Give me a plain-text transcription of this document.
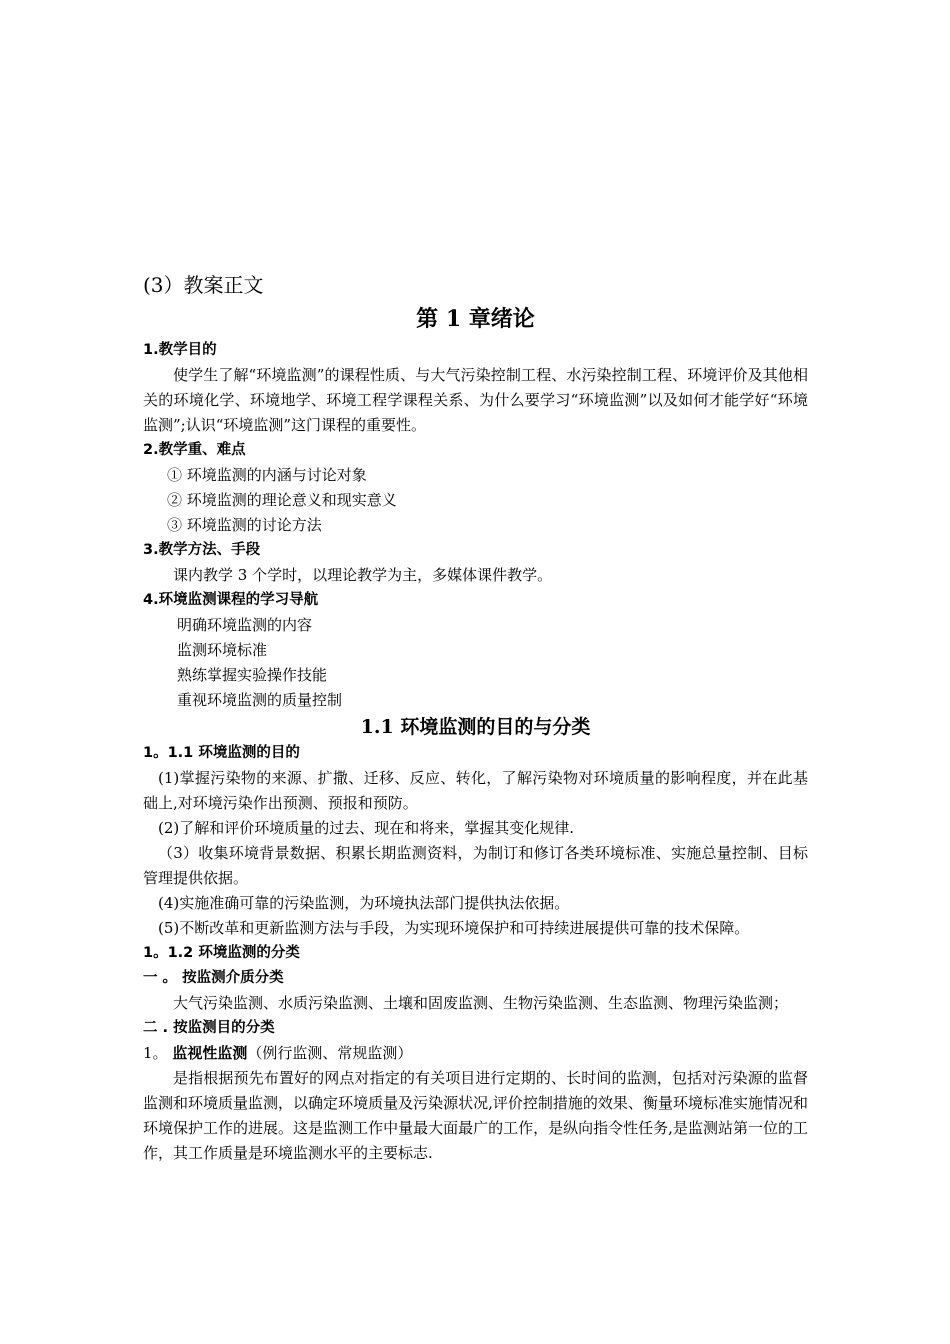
(3）教案正文
第 1 章绪论
1.教学目的

使学生了解“环境监测”的课程性质、与大气污染控制工程、水污染控制工程、环境评价及其他相关的环境化学、环境地学、环境工程学课程关系、为什么要学习“环境监测”以及如何才能学好“环境监测”;认识“环境监测”这门课程的重要性。

2.教学重、难点

① 环境监测的内涵与讨论对象

② 环境监测的理论意义和现实意义

③ 环境监测的讨论方法

3.教学方法、手段

课内教学 3 个学时，以理论教学为主，多媒体课件教学。

4.环境监测课程的学习导航

明确环境监测的内容

监测环境标准

熟练掌握实验操作技能

重视环境监测的质量控制

1.1 环境监测的目的与分类
1。1.1 环境监测的目的

(1)掌握污染物的来源、扩撒、迁移、反应、转化，了解污染物对环境质量的影响程度，并在此基础上,对环境污染作出预测、预报和预防。

(2)了解和评价环境质量的过去、现在和将来，掌握其变化规律.

（3）收集环境背景数据、积累长期监测资料，为制订和修订各类环境标准、实施总量控制、目标管理提供依据。

(4)实施准确可靠的污染监测，为环境执法部门提供执法依据。

(5)不断改革和更新监测方法与手段，为实现环境保护和可持续进展提供可靠的技术保障。

1。1.2 环境监测的分类
一 。 按监测介质分类

大气污染监测、水质污染监测、土壤和固废监测、生物污染监测、生态监测、物理污染监测；

二 . 按监测目的分类

1。 监视性监测（例行监测、常规监测）

是指根据预先布置好的网点对指定的有关项目进行定期的、长时间的监测，包括对污染源的监督监测和环境质量监测，以确定环境质量及污染源状况,评价控制措施的效果、衡量环境标准实施情况和环境保护工作的进展。这是监测工作中量最大面最广的工作，是纵向指令性任务,是监测站第一位的工作，其工作质量是环境监测水平的主要标志.
